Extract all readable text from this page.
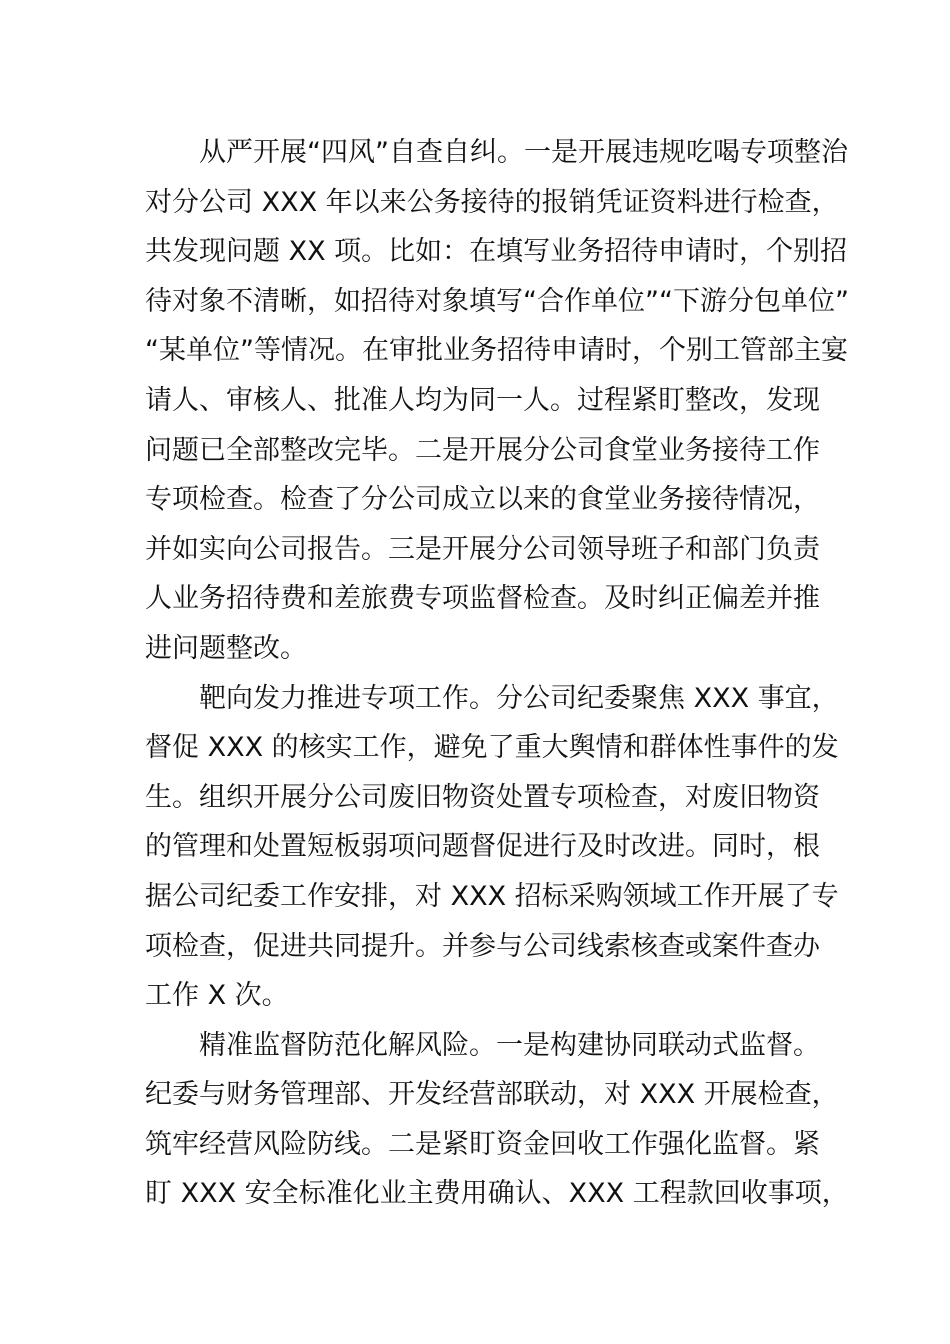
从严开展“四风”自查自纠。一是开展违规吃喝专项整治
对分公司 XXX 年以来公务接待的报销凭证资料进行检查，
共发现问题 XX 项。比如：在填写业务招待申请时，个别招
待对象不清晰，如招待对象填写“合作单位”“下游分包单位”
“某单位”等情况。在审批业务招待申请时，个别工管部主宴
请人、审核人、批准人均为同一人。过程紧盯整改，发现
问题已全部整改完毕。二是开展分公司食堂业务接待工作
专项检查。检查了分公司成立以来的食堂业务接待情况，
并如实向公司报告。三是开展分公司领导班子和部门负责
人业务招待费和差旅费专项监督检查。及时纠正偏差并推
进问题整改。
靶向发力推进专项工作。分公司纪委聚焦 XXX 事宜，
督促 XXX 的核实工作，避免了重大舆情和群体性事件的发
生。组织开展分公司废旧物资处置专项检查，对废旧物资
的管理和处置短板弱项问题督促进行及时改进。同时，根
据公司纪委工作安排，对 XXX 招标采购领域工作开展了专
项检查，促进共同提升。并参与公司线索核查或案件查办
工作 X 次。
精准监督防范化解风险。一是构建协同联动式监督。
纪委与财务管理部、开发经营部联动，对 XXX 开展检查，
筑牢经营风险防线。二是紧盯资金回收工作强化监督。紧
盯 XXX 安全标准化业主费用确认、XXX 工程款回收事项，
